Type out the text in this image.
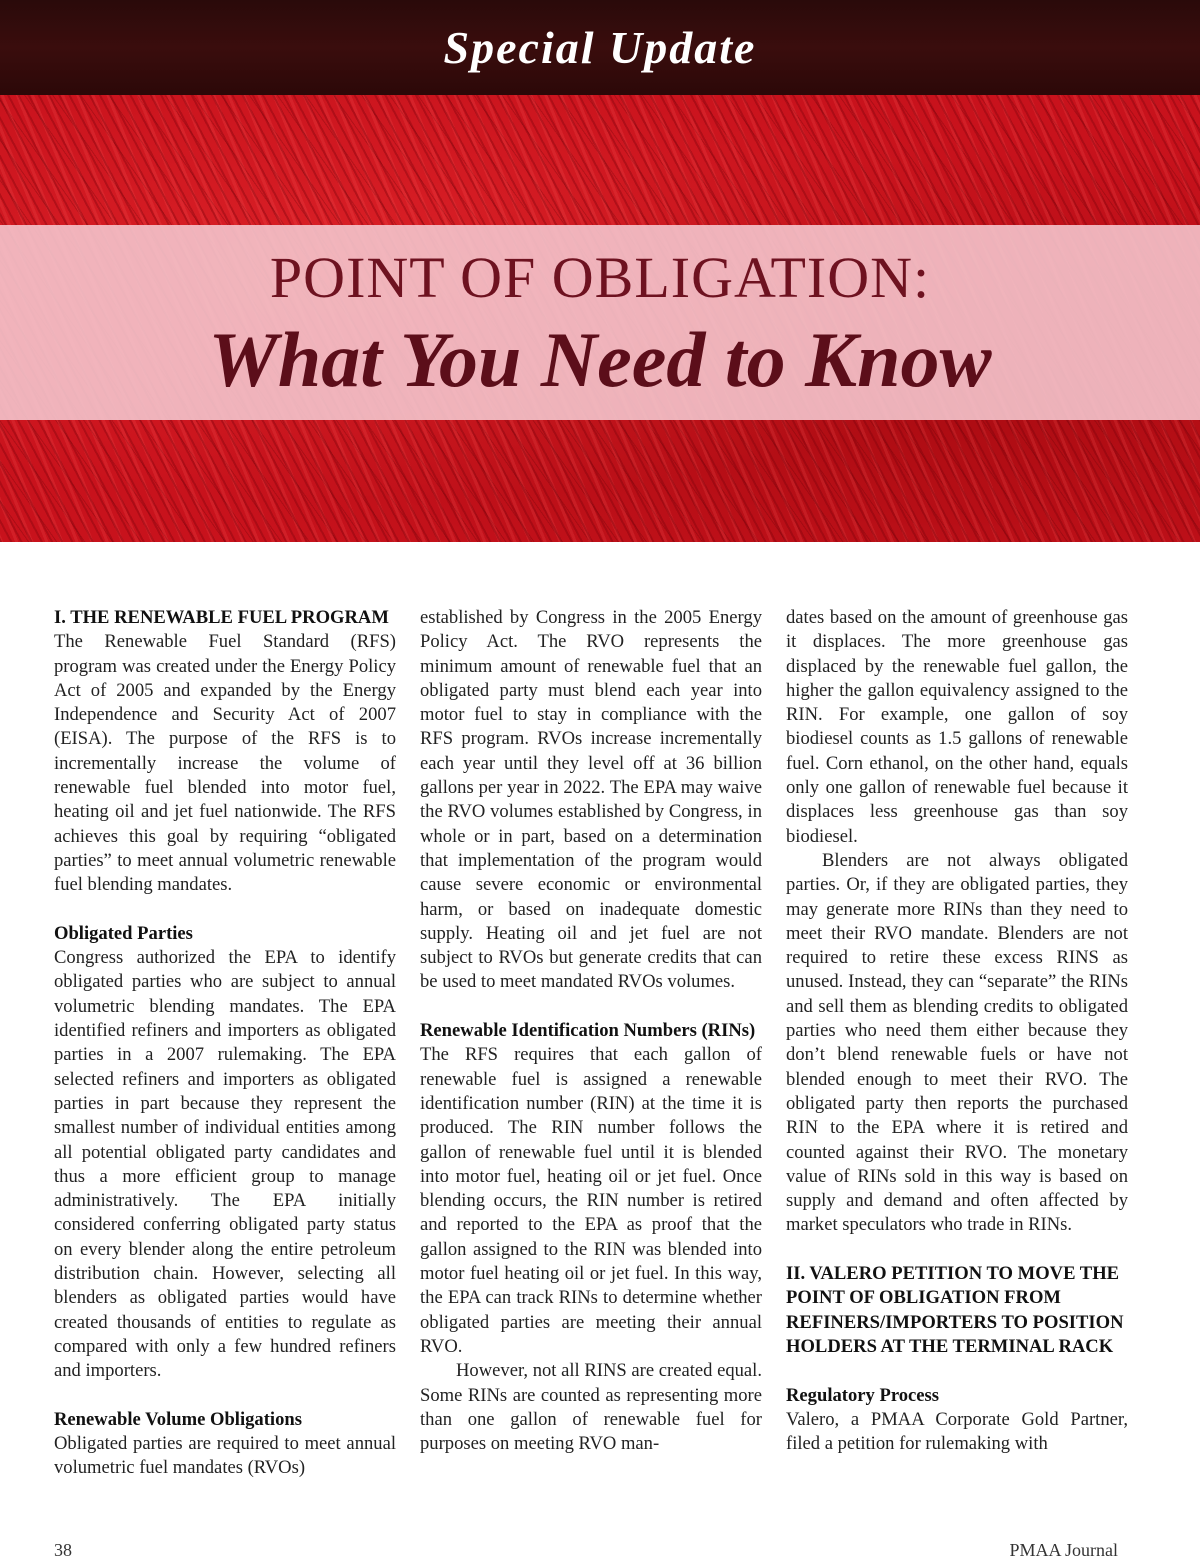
Special Update
POINT OF OBLIGATION:
What You Need to Know
I. THE RENEWABLE FUEL PROGRAM

The Renewable Fuel Standard (RFS) program was created under the Energy Policy Act of 2005 and expanded by the Energy Independence and Security Act of 2007 (EISA). The purpose of the RFS is to incrementally increase the volume of renewable fuel blended into motor fuel, heating oil and jet fuel nationwide. The RFS achieves this goal by requiring “obligated parties” to meet annual volumetric renewable fuel blending mandates.

Obligated Parties

Congress authorized the EPA to identify obligated parties who are subject to annual volumetric blending mandates. The EPA identified refiners and importers as obligated parties in a 2007 rulemaking. The EPA selected refiners and importers as obligated parties in part because they represent the smallest number of individual entities among all potential obligated party candidates and thus a more efficient group to manage administratively. The EPA initially considered conferring obligated party status on every blender along the entire petroleum distribution chain. However, selecting all blenders as obligated parties would have created thousands of entities to regulate as compared with only a few hundred refiners and importers.

Renewable Volume Obligations

Obligated parties are required to meet annual volumetric fuel mandates (RVOs)

established by Congress in the 2005 Energy Policy Act. The RVO represents the minimum amount of renewable fuel that an obligated party must blend each year into motor fuel to stay in compliance with the RFS program. RVOs increase incrementally each year until they level off at 36 billion gallons per year in 2022. The EPA may waive the RVO volumes established by Congress, in whole or in part, based on a determination that implementation of the program would cause severe economic or environmental harm, or based on inadequate domestic supply. Heating oil and jet fuel are not subject to RVOs but generate credits that can be used to meet mandated RVOs volumes.

Renewable Identification Numbers (RINs)

The RFS requires that each gallon of renewable fuel is assigned a renewable identification number (RIN) at the time it is produced. The RIN number follows the gallon of renewable fuel until it is blended into motor fuel, heating oil or jet fuel. Once blending occurs, the RIN number is retired and reported to the EPA as proof that the gallon assigned to the RIN was blended into motor fuel heating oil or jet fuel. In this way, the EPA can track RINs to determine whether obligated parties are meeting their annual RVO.

However, not all RINS are created equal. Some RINs are counted as representing more than one gallon of renewable fuel for purposes on meeting RVO man-

dates based on the amount of greenhouse gas it displaces. The more greenhouse gas displaced by the renewable fuel gallon, the higher the gallon equivalency assigned to the RIN. For example, one gallon of soy biodiesel counts as 1.5 gallons of renewable fuel. Corn ethanol, on the other hand, equals only one gallon of renewable fuel because it displaces less greenhouse gas than soy biodiesel.

Blenders are not always obligated parties. Or, if they are obligated parties, they may generate more RINs than they need to meet their RVO mandate. Blenders are not required to retire these excess RINS as unused. Instead, they can “separate” the RINs and sell them as blending credits to obligated parties who need them either because they don’t blend renewable fuels or have not blended enough to meet their RVO. The obligated party then reports the purchased RIN to the EPA where it is retired and counted against their RVO. The monetary value of RINs sold in this way is based on supply and demand and often affected by market speculators who trade in RINs.

II. VALERO PETITION TO MOVE THE POINT OF OBLIGATION FROM REFINERS/IMPORTERS TO POSITION HOLDERS AT THE TERMINAL RACK
Regulatory Process

Valero, a PMAA Corporate Gold Partner, filed a petition for rulemaking with

38	PMAA Journal
